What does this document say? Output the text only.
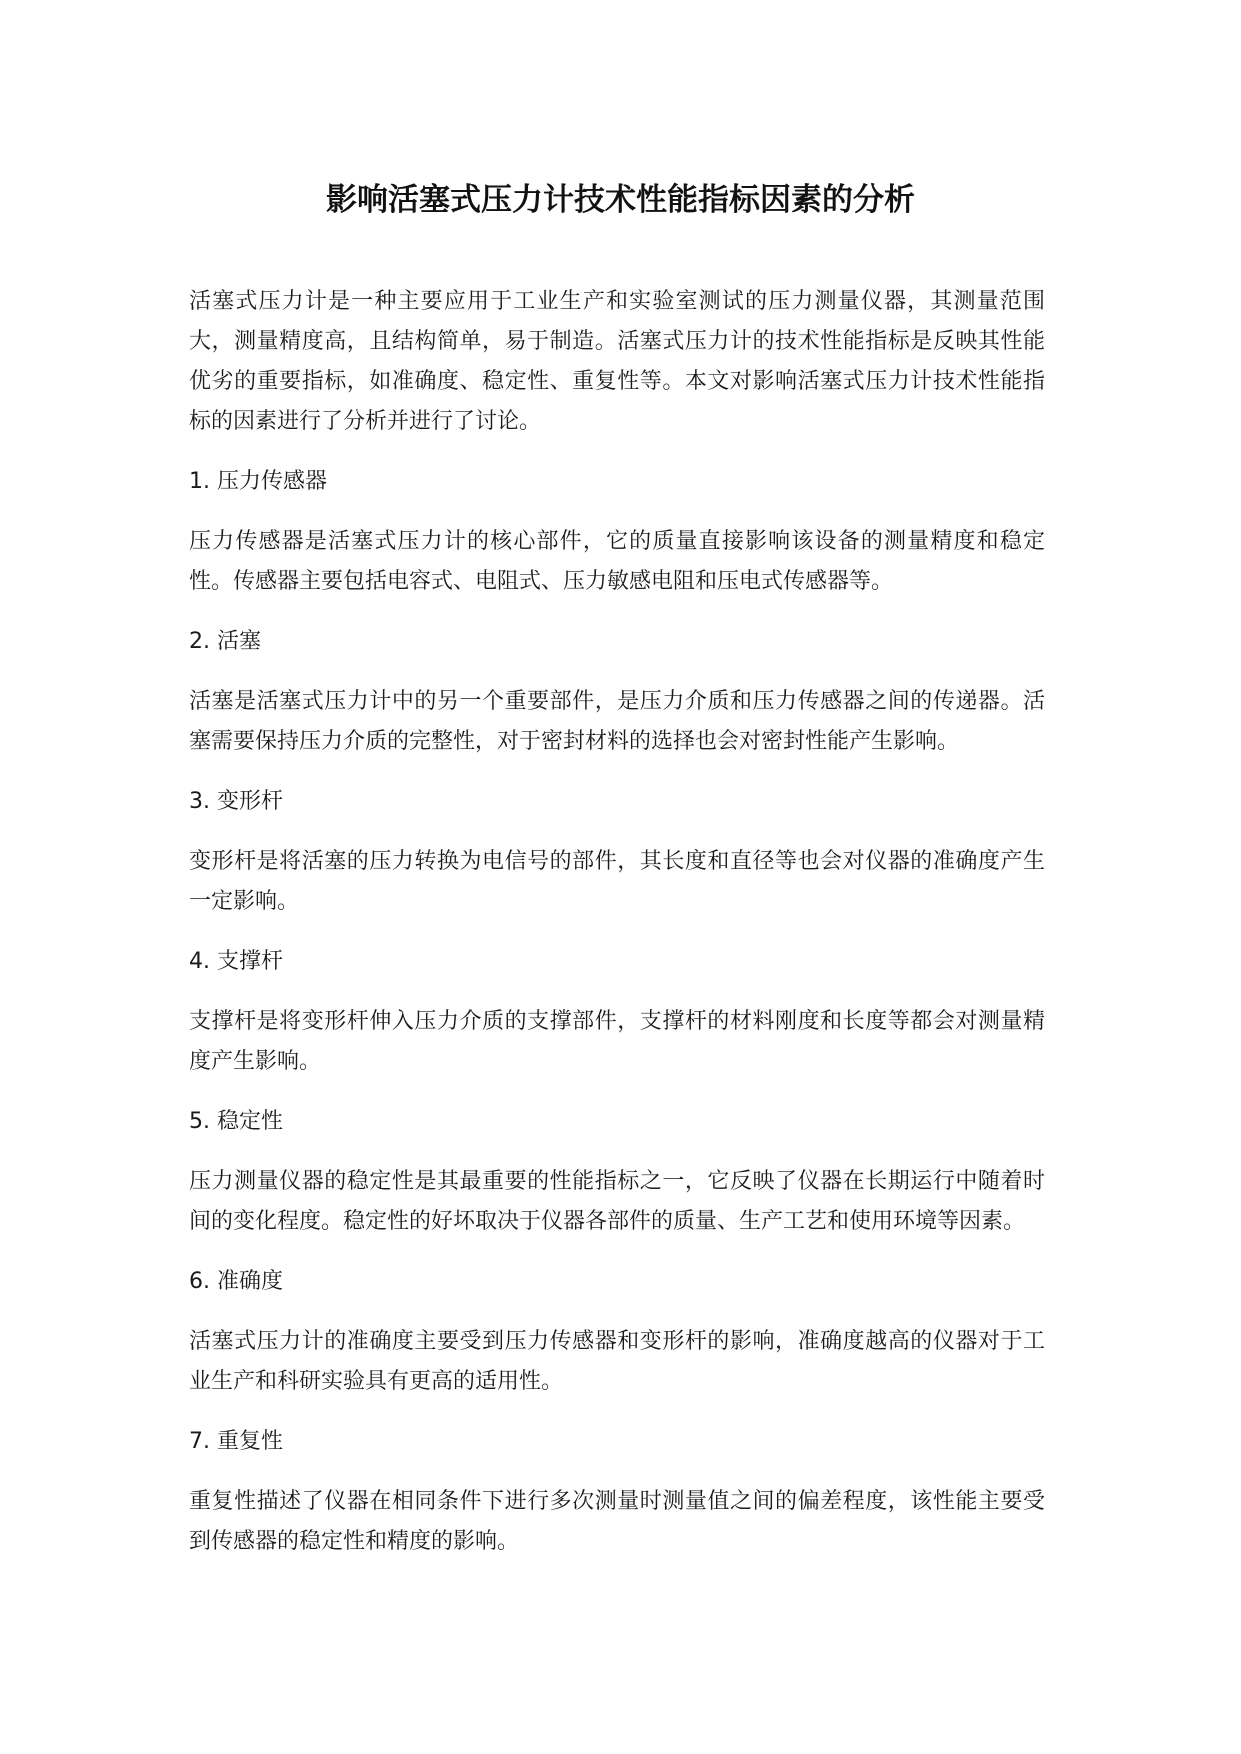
影响活塞式压力计技术性能指标因素的分析

活塞式压力计是一种主要应用于工业生产和实验室测试的压力测量仪器，其测量范围大，测量精度高，且结构简单，易于制造。活塞式压力计的技术性能指标是反映其性能优劣的重要指标，如准确度、稳定性、重复性等。本文对影响活塞式压力计技术性能指标的因素进行了分析并进行了讨论。

1. 压力传感器

压力传感器是活塞式压力计的核心部件，它的质量直接影响该设备的测量精度和稳定性。传感器主要包括电容式、电阻式、压力敏感电阻和压电式传感器等。

2. 活塞

活塞是活塞式压力计中的另一个重要部件，是压力介质和压力传感器之间的传递器。活塞需要保持压力介质的完整性，对于密封材料的选择也会对密封性能产生影响。

3. 变形杆

变形杆是将活塞的压力转换为电信号的部件，其长度和直径等也会对仪器的准确度产生一定影响。

4. 支撑杆

支撑杆是将变形杆伸入压力介质的支撑部件，支撑杆的材料刚度和长度等都会对测量精度产生影响。

5. 稳定性

压力测量仪器的稳定性是其最重要的性能指标之一，它反映了仪器在长期运行中随着时间的变化程度。稳定性的好坏取决于仪器各部件的质量、生产工艺和使用环境等因素。

6. 准确度

活塞式压力计的准确度主要受到压力传感器和变形杆的影响，准确度越高的仪器对于工业生产和科研实验具有更高的适用性。

7. 重复性

重复性描述了仪器在相同条件下进行多次测量时测量值之间的偏差程度，该性能主要受到传感器的稳定性和精度的影响。
